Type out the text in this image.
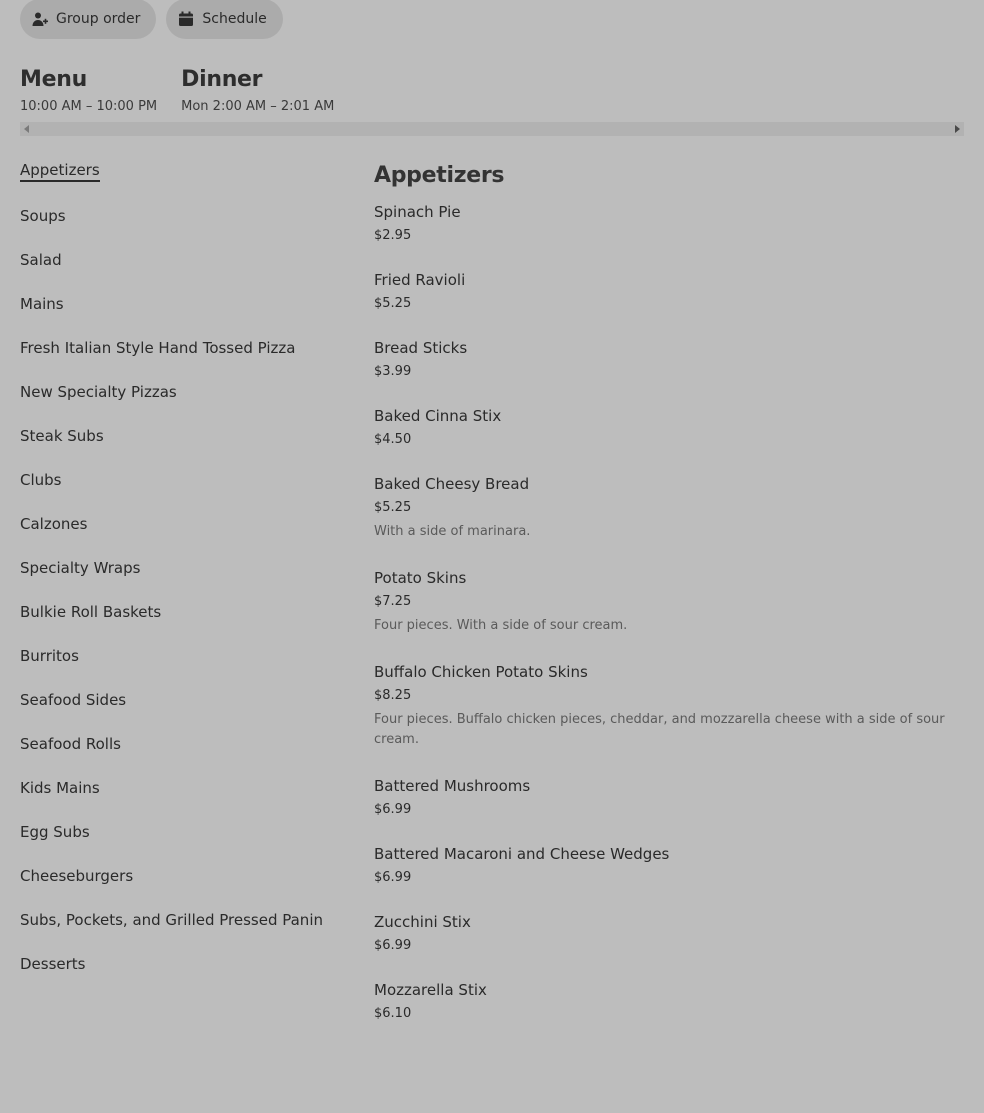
Group order	Schedule
Menu
10:00 AM – 10:00 PM
Dinner
Mon 2:00 AM – 2:01 AM
Appetizers
Soups
Salad
Mains
Fresh Italian Style Hand Tossed Pizza
New Specialty Pizzas
Steak Subs
Clubs
Calzones
Specialty Wraps
Bulkie Roll Baskets
Burritos
Seafood Sides
Seafood Rolls
Kids Mains
Egg Subs
Cheeseburgers
Subs, Pockets, and Grilled Pressed Panin
Desserts
Appetizers
Spinach Pie
$2.95
Fried Ravioli
$5.25
Bread Sticks
$3.99
Baked Cinna Stix
$4.50
Baked Cheesy Bread
$5.25
With a side of marinara.
Potato Skins
$7.25
Four pieces. With a side of sour cream.
Buffalo Chicken Potato Skins
$8.25
Four pieces. Buffalo chicken pieces, cheddar, and mozzarella cheese with a side of sour cream.
Battered Mushrooms
$6.99
Battered Macaroni and Cheese Wedges
$6.99
Zucchini Stix
$6.99
Mozzarella Stix
$6.10
